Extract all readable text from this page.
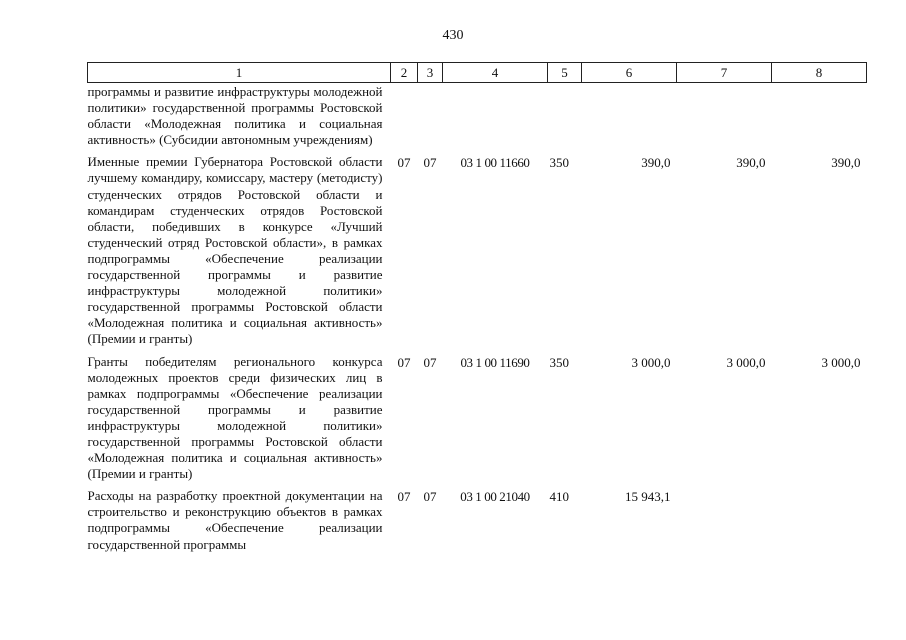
430
1	2	3	4	5	6	7	8

программы и развитие инфраструктуры молодежной политики» государственной программы Ростовской области «Молодежная политика и социальная активность» (Субсидии автономным учреждениям)							

Именные премии Губернатора Ростовской области лучшему командиру, комиссару, мастеру (методисту) студенческих отрядов Ростовской области и командирам студенческих отрядов Ростовской области, победивших в конкурсе «Лучший студенческий отряд Ростовской области», в рамках подпрограммы «Обеспечение реализации государственной программы и развитие инфраструктуры молодежной политики» государственной программы Ростовской области «Молодежная политика и социальная активность» (Премии и гранты)	07	07	03 1 00 11660	350	390,0	390,0	390,0

Гранты победителям регионального конкурса молодежных проектов среди физических лиц в рамках подпрограммы «Обеспечение реализации государственной программы и развитие инфраструктуры молодежной политики» государственной программы Ростовской области «Молодежная политика и социальная активность» (Премии и гранты)	07	07	03 1 00 11690	350	3 000,0	3 000,0	3 000,0

Расходы на разработку проектной документации на строительство и реконструкцию объектов в рамках подпрограммы «Обеспечение реализации государственной программы	07	07	03 1 00 21040	410	15 943,1		
